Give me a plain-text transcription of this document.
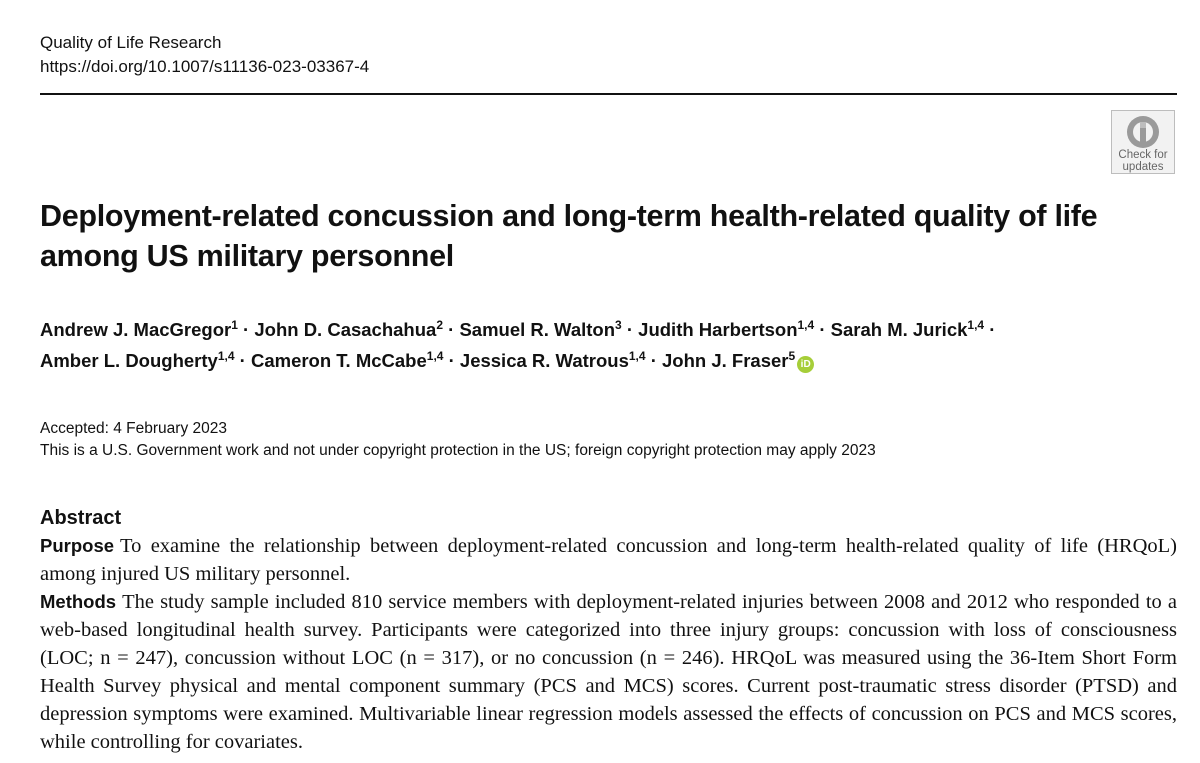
Quality of Life Research
https://doi.org/10.1007/s11136-023-03367-4
Check for
updates
Deployment-related concussion and long-term health-related quality of life among US military personnel
Andrew J. MacGregor$^1$ · John D. Casachahua$^2$ · Samuel R. Walton$^3$ · Judith Harbertson$^{1,4}$ · Sarah M. Jurick$^{1,4}$ ·
Amber L. Dougherty$^{1,4}$ · Cameron T. McCabe$^{1,4}$ · Jessica R. Watrous$^{1,4}$ · John J. Fraser$^5$iD
Accepted: 4 February 2023
This is a U.S. Government work and not under copyright protection in the US; foreign copyright protection may apply 2023
Abstract

Purpose To examine the relationship between deployment-related concussion and long-term health-related quality of life (HRQoL) among injured US military personnel.

Methods The study sample included 810 service members with deployment-related injuries between 2008 and 2012 who responded to a web-based longitudinal health survey. Participants were categorized into three injury groups: concussion with loss of consciousness (LOC; n = 247), concussion without LOC (n = 317), or no concussion (n = 246). HRQoL was measured using the 36-Item Short Form Health Survey physical and mental component summary (PCS and MCS) scores. Current post-traumatic stress disorder (PTSD) and depression symptoms were examined. Multivariable linear regression models assessed the effects of concussion on PCS and MCS scores, while controlling for covariates.
